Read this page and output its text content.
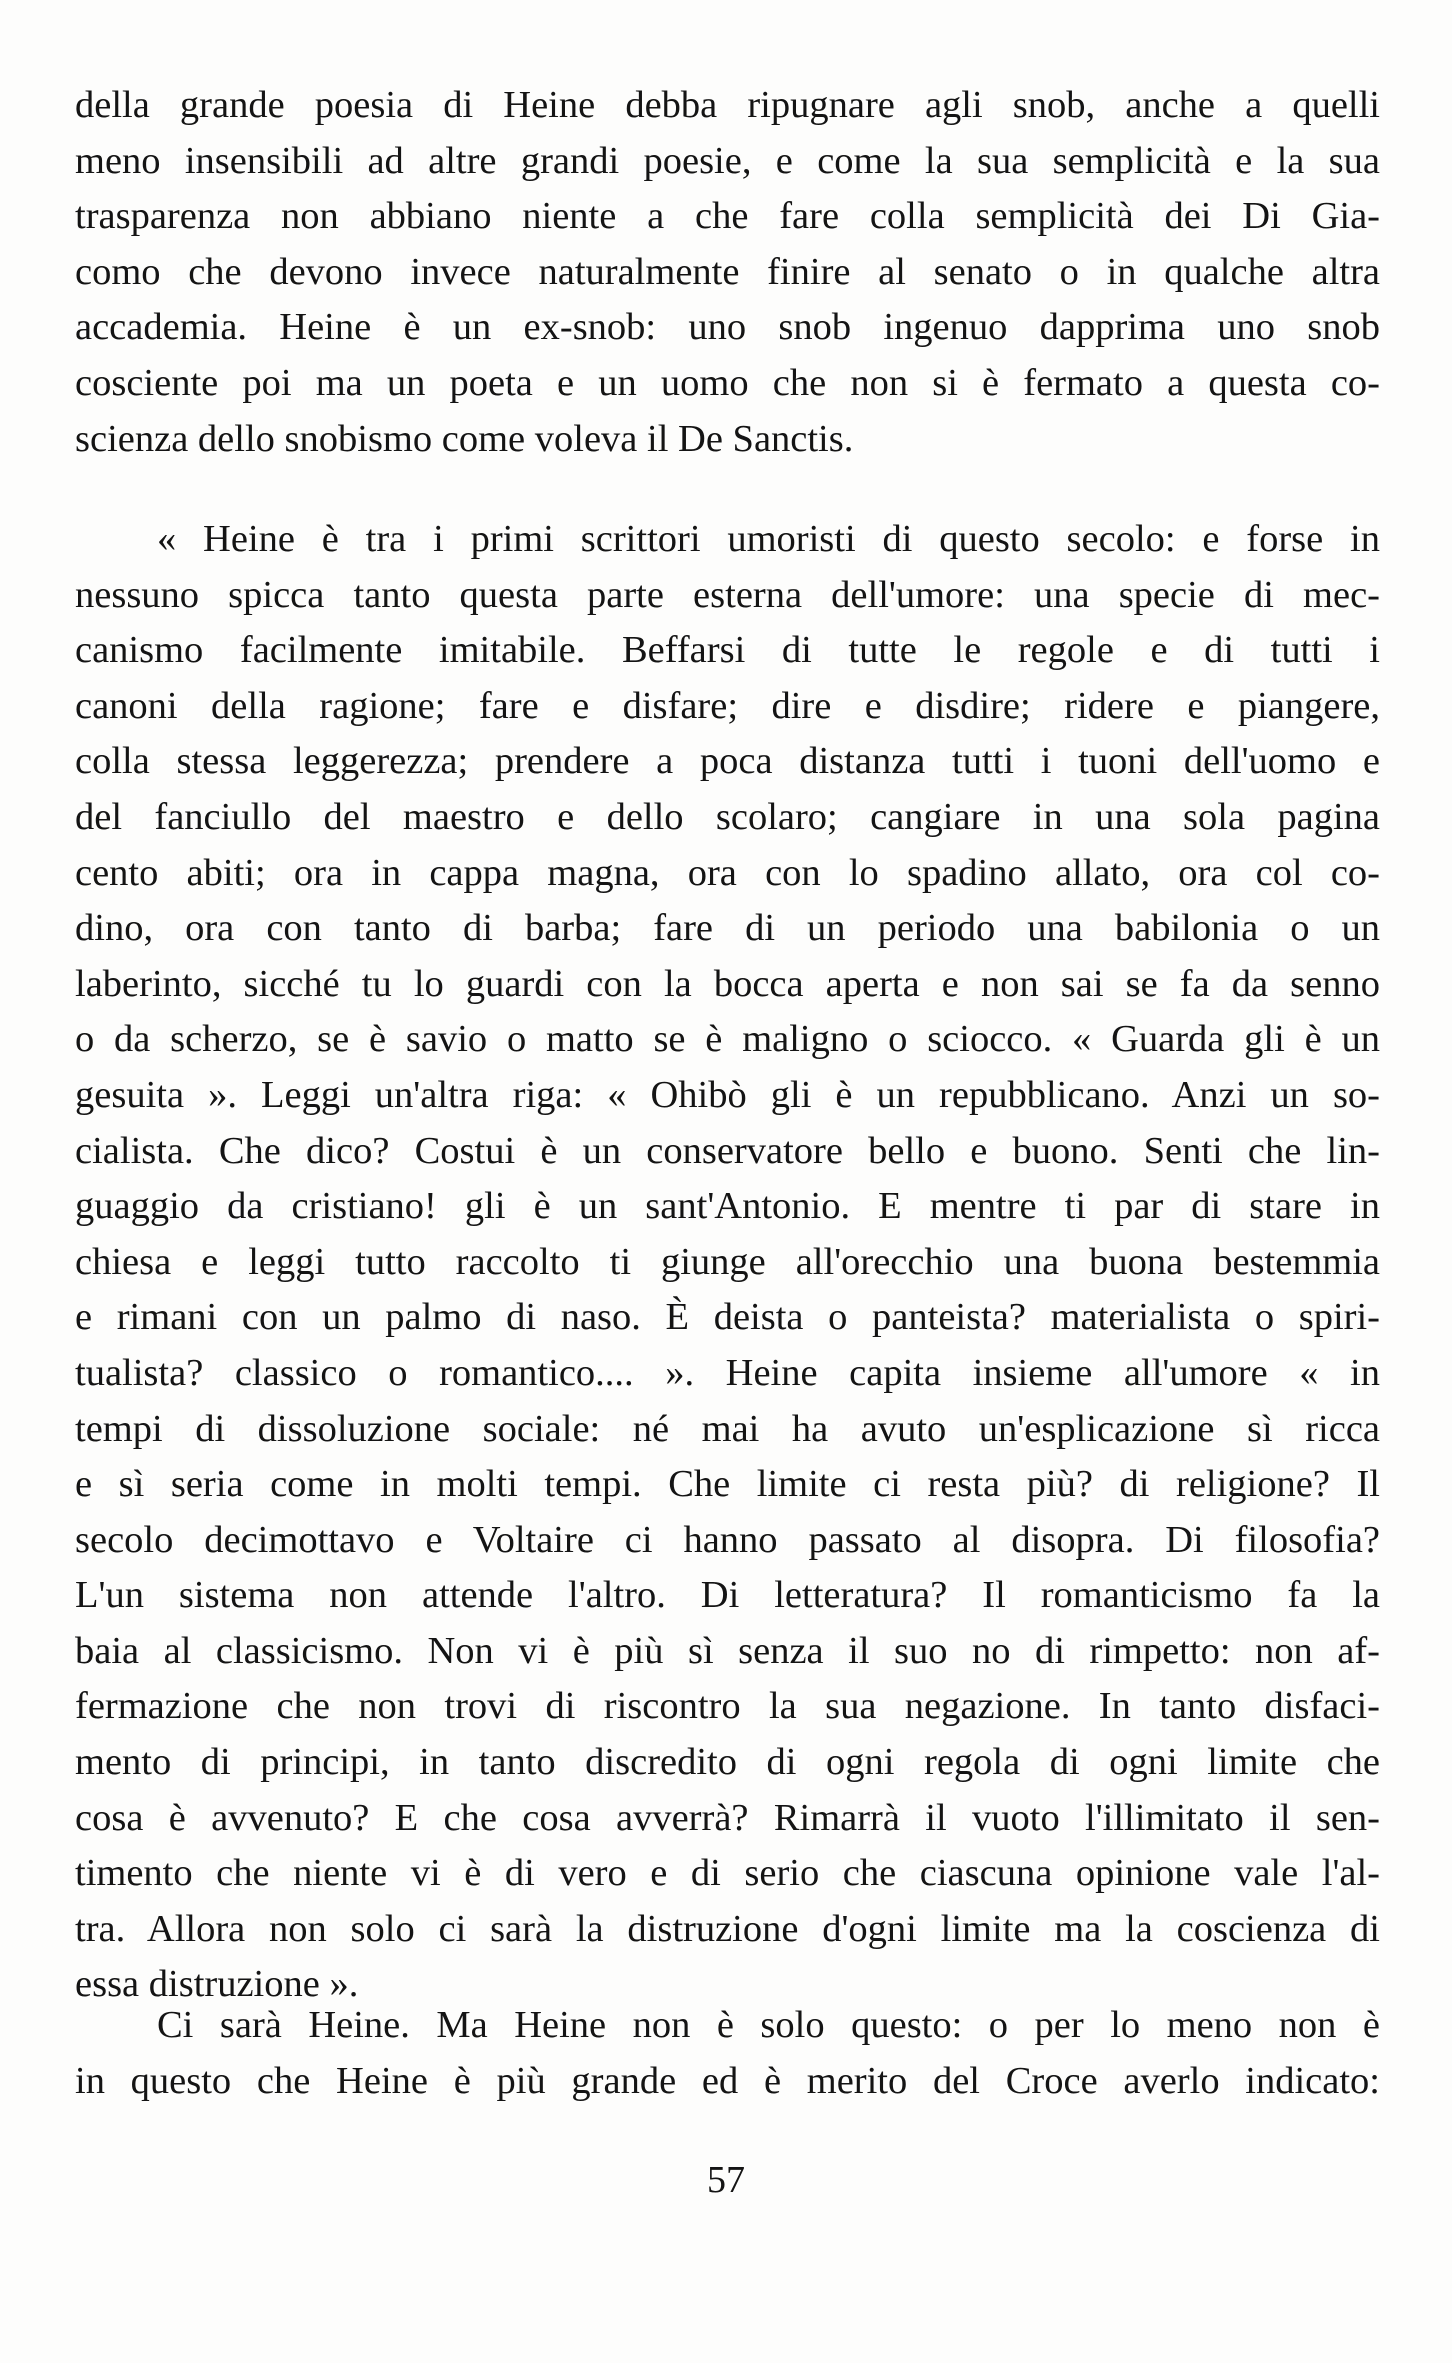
della grande poesia di Heine debba ripugnare agli snob, anche a quelli
meno insensibili ad altre grandi poesie, e come la sua semplicità e la sua
trasparenza non abbiano niente a che fare colla semplicità dei Di Gia-
como che devono invece naturalmente finire al senato o in qualche altra
accademia. Heine è un ex-snob: uno snob ingenuo dapprima uno snob
cosciente poi ma un poeta e un uomo che non si è fermato a questa co-
scienza dello snobismo come voleva il De Sanctis.
« Heine è tra i primi scrittori umoristi di questo secolo: e forse in
nessuno spicca tanto questa parte esterna dell'umore: una specie di mec-
canismo facilmente imitabile. Beffarsi di tutte le regole e di tutti i
canoni della ragione; fare e disfare; dire e disdire; ridere e piangere,
colla stessa leggerezza; prendere a poca distanza tutti i tuoni dell'uomo e
del fanciullo del maestro e dello scolaro; cangiare in una sola pagina
cento abiti; ora in cappa magna, ora con lo spadino allato, ora col co-
dino, ora con tanto di barba; fare di un periodo una babilonia o un
laberinto, sicché tu lo guardi con la bocca aperta e non sai se fa da senno
o da scherzo, se è savio o matto se è maligno o sciocco. « Guarda gli è un
gesuita ». Leggi un'altra riga: « Ohibò gli è un repubblicano. Anzi un so-
cialista. Che dico? Costui è un conservatore bello e buono. Senti che lin-
guaggio da cristiano! gli è un sant'Antonio. E mentre ti par di stare in
chiesa e leggi tutto raccolto ti giunge all'orecchio una buona bestemmia
e rimani con un palmo di naso. È deista o panteista? materialista o spiri-
tualista? classico o romantico.... ». Heine capita insieme all'umore « in
tempi di dissoluzione sociale: né mai ha avuto un'esplicazione sì ricca
e sì seria come in molti tempi. Che limite ci resta più? di religione? Il
secolo decimottavo e Voltaire ci hanno passato al disopra. Di filosofia?
L'un sistema non attende l'altro. Di letteratura? Il romanticismo fa la
baia al classicismo. Non vi è più sì senza il suo no di rimpetto: non af-
fermazione che non trovi di riscontro la sua negazione. In tanto disfaci-
mento di principi, in tanto discredito di ogni regola di ogni limite che
cosa è avvenuto? E che cosa avverrà? Rimarrà il vuoto l'illimitato il sen-
timento che niente vi è di vero e di serio che ciascuna opinione vale l'al-
tra. Allora non solo ci sarà la distruzione d'ogni limite ma la coscienza di
essa distruzione ».
Ci sarà Heine. Ma Heine non è solo questo: o per lo meno non è
in questo che Heine è più grande ed è merito del Croce averlo indicato:
57
